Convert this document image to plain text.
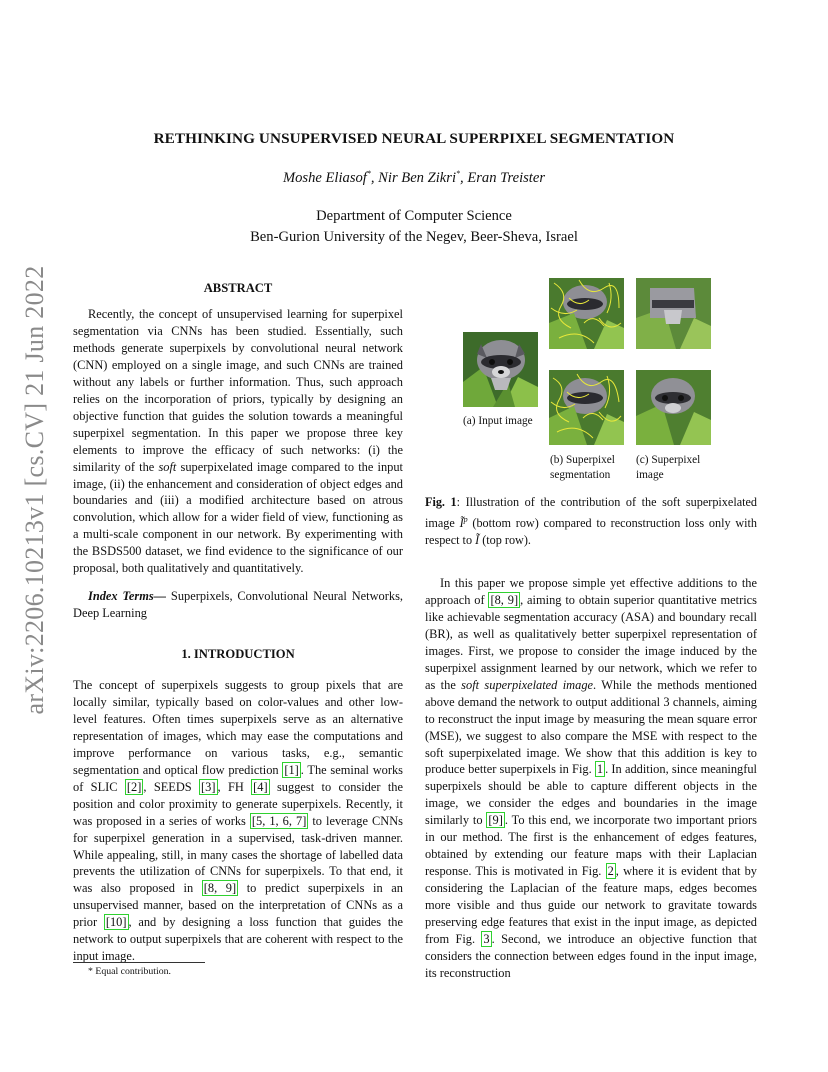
arXiv:2206.10213v1 [cs.CV] 21 Jun 2022
RETHINKING UNSUPERVISED NEURAL SUPERPIXEL SEGMENTATION
Moshe Eliasof*, Nir Ben Zikri*, Eran Treister
Department of Computer Science
Ben-Gurion University of the Negev, Beer-Sheva, Israel
ABSTRACT

Recently, the concept of unsupervised learning for superpixel segmentation via CNNs has been studied. Essentially, such methods generate superpixels by convolutional neural network (CNN) employed on a single image, and such CNNs are trained without any labels or further information. Thus, such approach relies on the incorporation of priors, typically by designing an objective function that guides the solution towards a meaningful superpixel segmentation. In this paper we propose three key elements to improve the efficacy of such networks: (i) the similarity of the soft superpixelated image compared to the input image, (ii) the enhancement and consideration of object edges and boundaries and (iii) a modified architecture based on atrous convolution, which allow for a wider field of view, functioning as a multi-scale component in our network. By experimenting with the BSDS500 dataset, we find evidence to the significance of our proposal, both qualitatively and quantitatively.

Index Terms— Superpixels, Convolutional Neural Networks, Deep Learning

1. INTRODUCTION

The concept of superpixels suggests to group pixels that are locally similar, typically based on color-values and other low-level features. Often times superpixels serve as an alternative representation of images, which may ease the computations and improve performance on various tasks, e.g., semantic segmentation and optical flow prediction [1] . The seminal works of SLIC [2] , SEEDS [3] , FH [4] suggest to consider the position and color proximity to generate superpixels. Recently, it was proposed in a series of works [5, 1, 6, 7] to leverage CNNs for superpixel generation in a supervised, task-driven manner. While appealing, still, in many cases the shortage of labelled data prevents the utilization of CNNs for superpixels. To that end, it was also proposed in [8, 9] to predict superpixels in an unsupervised manner, based on the interpretation of CNNs as a prior [10] , and by designing a loss function that guides the network to output superpixels that are coherent with respect to the input image.

* Equal contribution.
(a) Input image
(b) Superpixel segmentation
(c) Superpixel image
Fig. 1: Illustration of the contribution of the soft superpixelated image $Ĩ^p$ (bottom row) compared to reconstruction loss only with respect to Ĩ (top row).

In this paper we propose simple yet effective additions to the approach of [8, 9] , aiming to obtain superior quantitative metrics like achievable segmentation accuracy (ASA) and boundary recall (BR), as well as qualitatively better superpixel representation of images. First, we propose to consider the image induced by the superpixel assignment learned by our network, which we refer to as the soft superpixelated image. While the methods mentioned above demand the network to output additional 3 channels, aiming to reconstruct the input image by measuring the mean square error (MSE), we suggest to also compare the MSE with respect to the soft superpixelated image. We show that this addition is key to produce better superpixels in Fig. 1 . In addition, since meaningful superpixels should be able to capture different objects in the image, we consider the edges and boundaries in the image similarly to [9] . To this end, we incorporate two important priors in our method. The first is the enhancement of edges features, obtained by extending our feature maps with their Laplacian response. This is motivated in Fig. 2 , where it is evident that by considering the Laplacian of the feature maps, edges becomes more visible and thus guide our network to gravitate towards preserving edge features that exist in the input image, as depicted from Fig. 3 . Second, we introduce an objective function that considers the connection between edges found in the input image, its reconstruction
